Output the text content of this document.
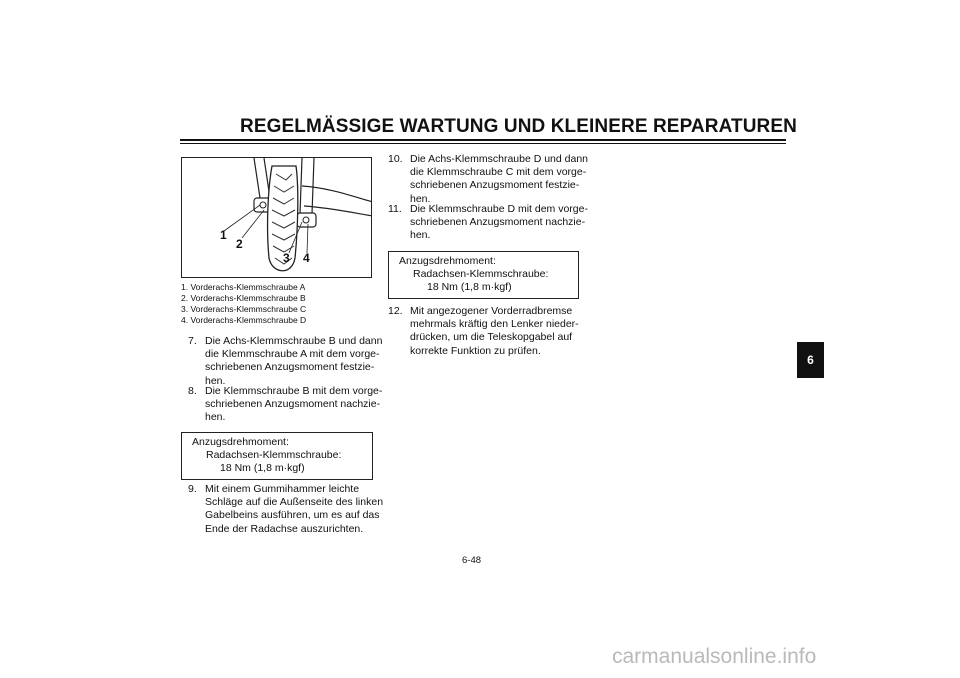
REGELMÄSSIGE WARTUNG UND KLEINERE REPARATUREN
1
2
3 4
1. Vorderachs-Klemmschraube A
2. Vorderachs-Klemmschraube B
3. Vorderachs-Klemmschraube C
4. Vorderachs-Klemmschraube D
7. Die Achs-Klemmschraube B und dann
die Klemmschraube A mit dem vorge-
schriebenen Anzugsmoment festzie-
hen.
8. Die Klemmschraube B mit dem vorge-
schriebenen Anzugsmoment nachzie-
hen.
Anzugsdrehmoment:
Radachsen-Klemmschraube:
18 Nm (1,8 m·kgf)
9. Mit einem Gummihammer leichte
Schläge auf die Außenseite des linken
Gabelbeins ausführen, um es auf das
Ende der Radachse auszurichten.
10. Die Achs-Klemmschraube D und dann
die Klemmschraube C mit dem vorge-
schriebenen Anzugsmoment festzie-
hen.
11. Die Klemmschraube D mit dem vorge-
schriebenen Anzugsmoment nachzie-
hen.
Anzugsdrehmoment:
Radachsen-Klemmschraube:
18 Nm (1,8 m·kgf)
12. Mit angezogener Vorderradbremse
mehrmals kräftig den Lenker nieder-
drücken, um die Teleskopgabel auf
korrekte Funktion zu prüfen.
6
6-48
carmanualsonline.info
